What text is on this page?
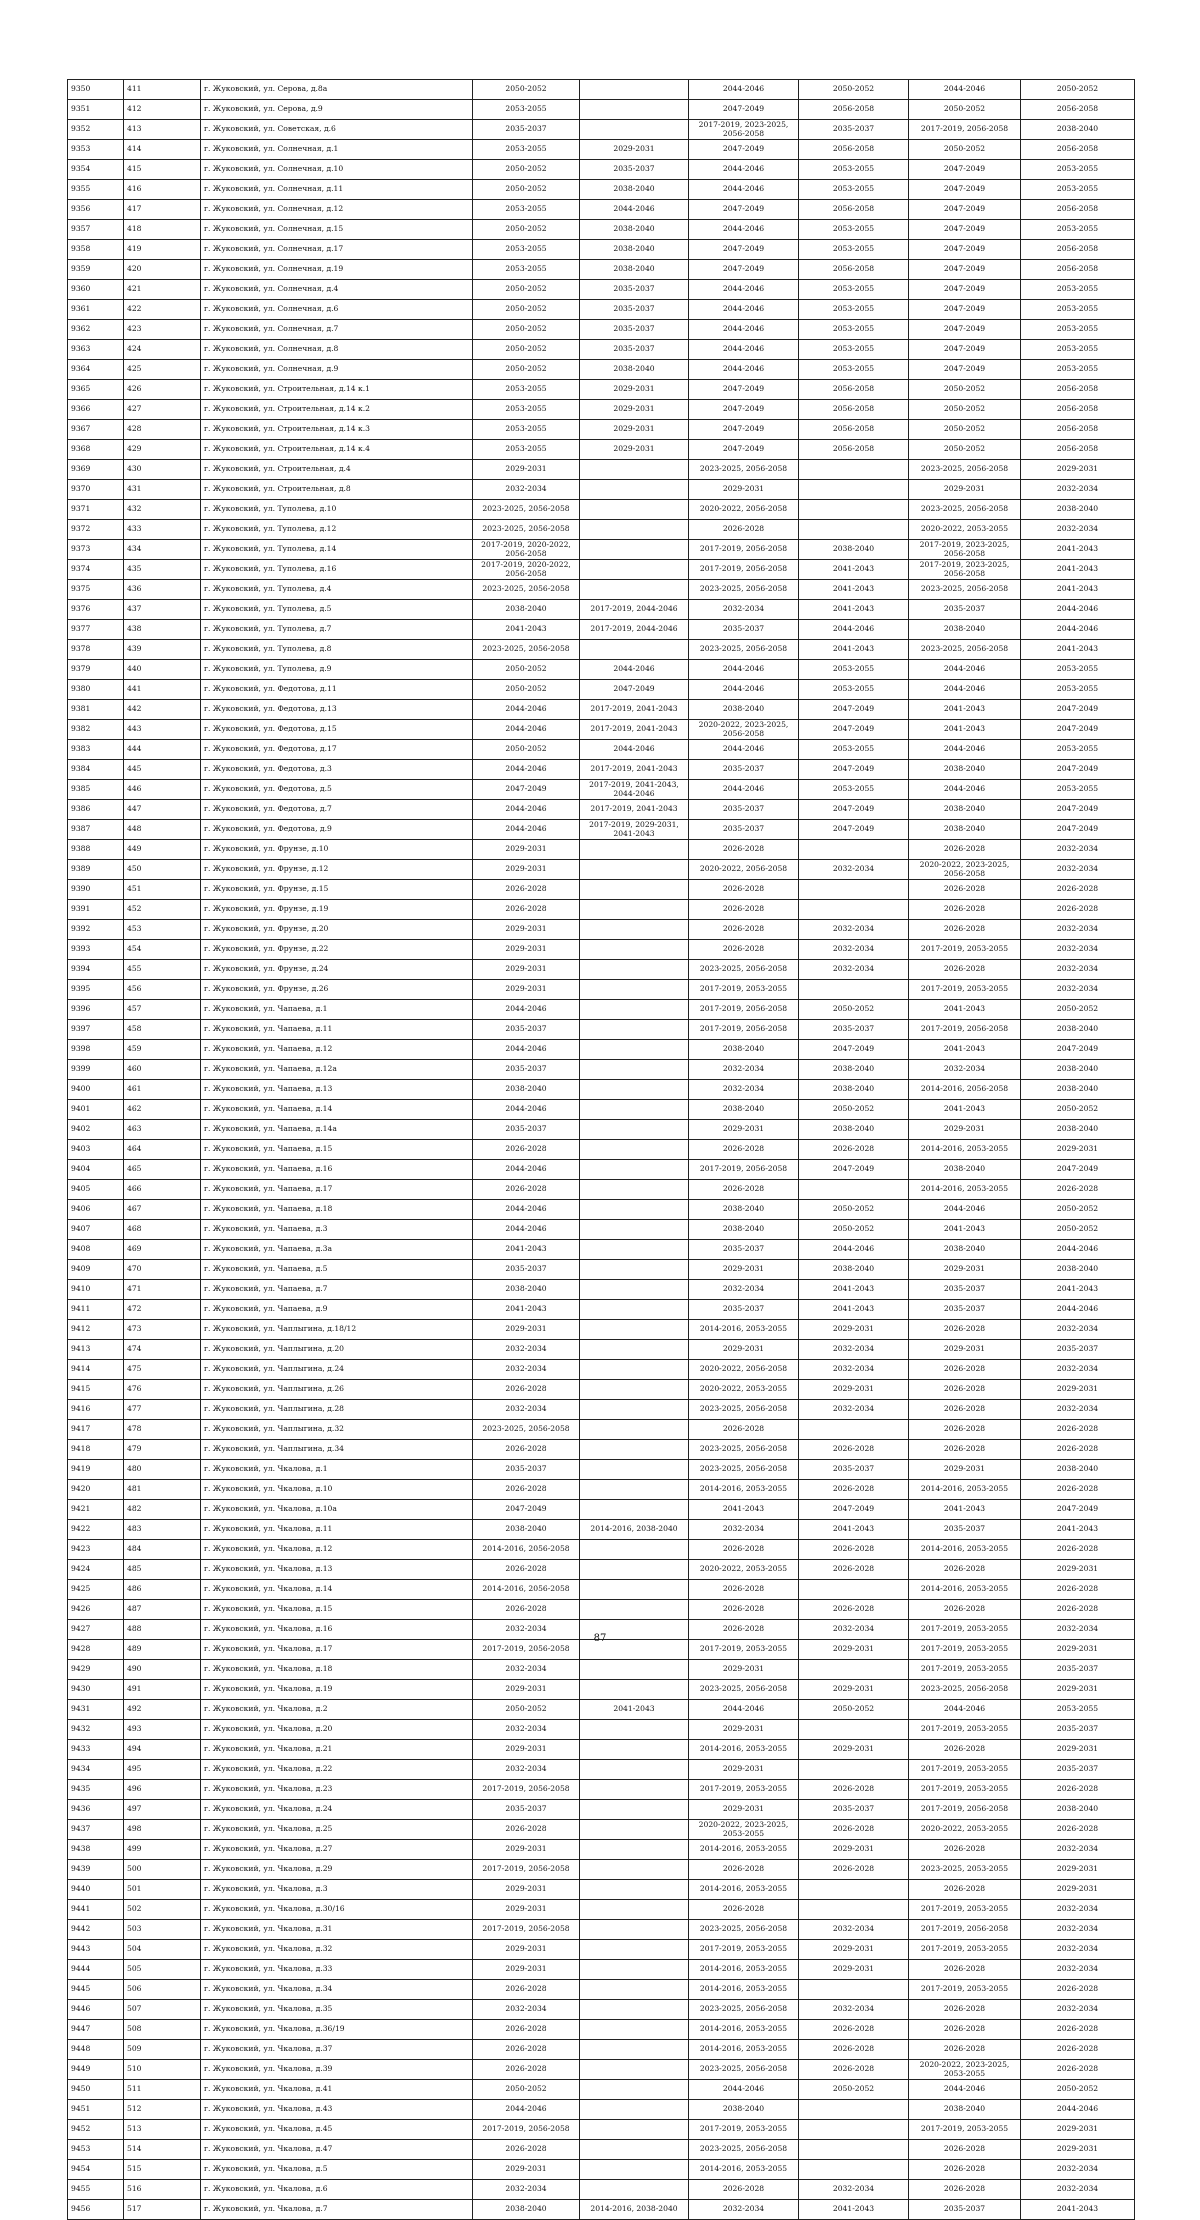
9350	411	г. Жуковский, ул. Серова, д.8а	2050-2052		2044-2046	2050-2052	2044-2046	2050-2052
9351	412	г. Жуковский, ул. Серова, д.9	2053-2055		2047-2049	2056-2058	2050-2052	2056-2058
9352	413	г. Жуковский, ул. Советская, д.6	2035-2037		2017-2019, 2023-2025, 2056-2058	2035-2037	2017-2019, 2056-2058	2038-2040
9353	414	г. Жуковский, ул. Солнечная, д.1	2053-2055	2029-2031	2047-2049	2056-2058	2050-2052	2056-2058
9354	415	г. Жуковский, ул. Солнечная, д.10	2050-2052	2035-2037	2044-2046	2053-2055	2047-2049	2053-2055
9355	416	г. Жуковский, ул. Солнечная, д.11	2050-2052	2038-2040	2044-2046	2053-2055	2047-2049	2053-2055
9356	417	г. Жуковский, ул. Солнечная, д.12	2053-2055	2044-2046	2047-2049	2056-2058	2047-2049	2056-2058
9357	418	г. Жуковский, ул. Солнечная, д.15	2050-2052	2038-2040	2044-2046	2053-2055	2047-2049	2053-2055
9358	419	г. Жуковский, ул. Солнечная, д.17	2053-2055	2038-2040	2047-2049	2053-2055	2047-2049	2056-2058
9359	420	г. Жуковский, ул. Солнечная, д.19	2053-2055	2038-2040	2047-2049	2056-2058	2047-2049	2056-2058
9360	421	г. Жуковский, ул. Солнечная, д.4	2050-2052	2035-2037	2044-2046	2053-2055	2047-2049	2053-2055
9361	422	г. Жуковский, ул. Солнечная, д.6	2050-2052	2035-2037	2044-2046	2053-2055	2047-2049	2053-2055
9362	423	г. Жуковский, ул. Солнечная, д.7	2050-2052	2035-2037	2044-2046	2053-2055	2047-2049	2053-2055
9363	424	г. Жуковский, ул. Солнечная, д.8	2050-2052	2035-2037	2044-2046	2053-2055	2047-2049	2053-2055
9364	425	г. Жуковский, ул. Солнечная, д.9	2050-2052	2038-2040	2044-2046	2053-2055	2047-2049	2053-2055
9365	426	г. Жуковский, ул. Строительная, д.14 к.1	2053-2055	2029-2031	2047-2049	2056-2058	2050-2052	2056-2058
9366	427	г. Жуковский, ул. Строительная, д.14 к.2	2053-2055	2029-2031	2047-2049	2056-2058	2050-2052	2056-2058
9367	428	г. Жуковский, ул. Строительная, д.14 к.3	2053-2055	2029-2031	2047-2049	2056-2058	2050-2052	2056-2058
9368	429	г. Жуковский, ул. Строительная, д.14 к.4	2053-2055	2029-2031	2047-2049	2056-2058	2050-2052	2056-2058
9369	430	г. Жуковский, ул. Строительная, д.4	2029-2031		2023-2025, 2056-2058		2023-2025, 2056-2058	2029-2031
9370	431	г. Жуковский, ул. Строительная, д.8	2032-2034		2029-2031		2029-2031	2032-2034
9371	432	г. Жуковский, ул. Туполева, д.10	2023-2025, 2056-2058		2020-2022, 2056-2058		2023-2025, 2056-2058	2038-2040
9372	433	г. Жуковский, ул. Туполева, д.12	2023-2025, 2056-2058		2026-2028		2020-2022, 2053-2055	2032-2034
9373	434	г. Жуковский, ул. Туполева, д.14	2017-2019, 2020-2022, 2056-2058		2017-2019, 2056-2058	2038-2040	2017-2019, 2023-2025, 2056-2058	2041-2043
9374	435	г. Жуковский, ул. Туполева, д.16	2017-2019, 2020-2022, 2056-2058		2017-2019, 2056-2058	2041-2043	2017-2019, 2023-2025, 2056-2058	2041-2043
9375	436	г. Жуковский, ул. Туполева, д.4	2023-2025, 2056-2058		2023-2025, 2056-2058	2041-2043	2023-2025, 2056-2058	2041-2043
9376	437	г. Жуковский, ул. Туполева, д.5	2038-2040	2017-2019, 2044-2046	2032-2034	2041-2043	2035-2037	2044-2046
9377	438	г. Жуковский, ул. Туполева, д.7	2041-2043	2017-2019, 2044-2046	2035-2037	2044-2046	2038-2040	2044-2046
9378	439	г. Жуковский, ул. Туполева, д.8	2023-2025, 2056-2058		2023-2025, 2056-2058	2041-2043	2023-2025, 2056-2058	2041-2043
9379	440	г. Жуковский, ул. Туполева, д.9	2050-2052	2044-2046	2044-2046	2053-2055	2044-2046	2053-2055
9380	441	г. Жуковский, ул. Федотова, д.11	2050-2052	2047-2049	2044-2046	2053-2055	2044-2046	2053-2055
9381	442	г. Жуковский, ул. Федотова, д.13	2044-2046	2017-2019, 2041-2043	2038-2040	2047-2049	2041-2043	2047-2049
9382	443	г. Жуковский, ул. Федотова, д.15	2044-2046	2017-2019, 2041-2043	2020-2022, 2023-2025, 2056-2058	2047-2049	2041-2043	2047-2049
9383	444	г. Жуковский, ул. Федотова, д.17	2050-2052	2044-2046	2044-2046	2053-2055	2044-2046	2053-2055
9384	445	г. Жуковский, ул. Федотова, д.3	2044-2046	2017-2019, 2041-2043	2035-2037	2047-2049	2038-2040	2047-2049
9385	446	г. Жуковский, ул. Федотова, д.5	2047-2049	2017-2019, 2041-2043, 2044-2046	2044-2046	2053-2055	2044-2046	2053-2055
9386	447	г. Жуковский, ул. Федотова, д.7	2044-2046	2017-2019, 2041-2043	2035-2037	2047-2049	2038-2040	2047-2049
9387	448	г. Жуковский, ул. Федотова, д.9	2044-2046	2017-2019, 2029-2031, 2041-2043	2035-2037	2047-2049	2038-2040	2047-2049
9388	449	г. Жуковский, ул. Фрунзе, д.10	2029-2031		2026-2028		2026-2028	2032-2034
9389	450	г. Жуковский, ул. Фрунзе, д.12	2029-2031		2020-2022, 2056-2058	2032-2034	2020-2022, 2023-2025, 2056-2058	2032-2034
9390	451	г. Жуковский, ул. Фрунзе, д.15	2026-2028		2026-2028		2026-2028	2026-2028
9391	452	г. Жуковский, ул. Фрунзе, д.19	2026-2028		2026-2028		2026-2028	2026-2028
9392	453	г. Жуковский, ул. Фрунзе, д.20	2029-2031		2026-2028	2032-2034	2026-2028	2032-2034
9393	454	г. Жуковский, ул. Фрунзе, д.22	2029-2031		2026-2028	2032-2034	2017-2019, 2053-2055	2032-2034
9394	455	г. Жуковский, ул. Фрунзе, д.24	2029-2031		2023-2025, 2056-2058	2032-2034	2026-2028	2032-2034
9395	456	г. Жуковский, ул. Фрунзе, д.26	2029-2031		2017-2019, 2053-2055		2017-2019, 2053-2055	2032-2034
9396	457	г. Жуковский, ул. Чапаева, д.1	2044-2046		2017-2019, 2056-2058	2050-2052	2041-2043	2050-2052
9397	458	г. Жуковский, ул. Чапаева, д.11	2035-2037		2017-2019, 2056-2058	2035-2037	2017-2019, 2056-2058	2038-2040
9398	459	г. Жуковский, ул. Чапаева, д.12	2044-2046		2038-2040	2047-2049	2041-2043	2047-2049
9399	460	г. Жуковский, ул. Чапаева, д.12а	2035-2037		2032-2034	2038-2040	2032-2034	2038-2040
9400	461	г. Жуковский, ул. Чапаева, д.13	2038-2040		2032-2034	2038-2040	2014-2016, 2056-2058	2038-2040
9401	462	г. Жуковский, ул. Чапаева, д.14	2044-2046		2038-2040	2050-2052	2041-2043	2050-2052
9402	463	г. Жуковский, ул. Чапаева, д.14а	2035-2037		2029-2031	2038-2040	2029-2031	2038-2040
9403	464	г. Жуковский, ул. Чапаева, д.15	2026-2028		2026-2028	2026-2028	2014-2016, 2053-2055	2029-2031
9404	465	г. Жуковский, ул. Чапаева, д.16	2044-2046		2017-2019, 2056-2058	2047-2049	2038-2040	2047-2049
9405	466	г. Жуковский, ул. Чапаева, д.17	2026-2028		2026-2028		2014-2016, 2053-2055	2026-2028
9406	467	г. Жуковский, ул. Чапаева, д.18	2044-2046		2038-2040	2050-2052	2044-2046	2050-2052
9407	468	г. Жуковский, ул. Чапаева, д.3	2044-2046		2038-2040	2050-2052	2041-2043	2050-2052
9408	469	г. Жуковский, ул. Чапаева, д.3а	2041-2043		2035-2037	2044-2046	2038-2040	2044-2046
9409	470	г. Жуковский, ул. Чапаева, д.5	2035-2037		2029-2031	2038-2040	2029-2031	2038-2040
9410	471	г. Жуковский, ул. Чапаева, д.7	2038-2040		2032-2034	2041-2043	2035-2037	2041-2043
9411	472	г. Жуковский, ул. Чапаева, д.9	2041-2043		2035-2037	2041-2043	2035-2037	2044-2046
9412	473	г. Жуковский, ул. Чаплыгина, д.18/12	2029-2031		2014-2016, 2053-2055	2029-2031	2026-2028	2032-2034
9413	474	г. Жуковский, ул. Чаплыгина, д.20	2032-2034		2029-2031	2032-2034	2029-2031	2035-2037
9414	475	г. Жуковский, ул. Чаплыгина, д.24	2032-2034		2020-2022, 2056-2058	2032-2034	2026-2028	2032-2034
9415	476	г. Жуковский, ул. Чаплыгина, д.26	2026-2028		2020-2022, 2053-2055	2029-2031	2026-2028	2029-2031
9416	477	г. Жуковский, ул. Чаплыгина, д.28	2032-2034		2023-2025, 2056-2058	2032-2034	2026-2028	2032-2034
9417	478	г. Жуковский, ул. Чаплыгина, д.32	2023-2025, 2056-2058		2026-2028		2026-2028	2026-2028
9418	479	г. Жуковский, ул. Чаплыгина, д.34	2026-2028		2023-2025, 2056-2058	2026-2028	2026-2028	2026-2028
9419	480	г. Жуковский, ул. Чкалова, д.1	2035-2037		2023-2025, 2056-2058	2035-2037	2029-2031	2038-2040
9420	481	г. Жуковский, ул. Чкалова, д.10	2026-2028		2014-2016, 2053-2055	2026-2028	2014-2016, 2053-2055	2026-2028
9421	482	г. Жуковский, ул. Чкалова, д.10а	2047-2049		2041-2043	2047-2049	2041-2043	2047-2049
9422	483	г. Жуковский, ул. Чкалова, д.11	2038-2040	2014-2016, 2038-2040	2032-2034	2041-2043	2035-2037	2041-2043
9423	484	г. Жуковский, ул. Чкалова, д.12	2014-2016, 2056-2058		2026-2028	2026-2028	2014-2016, 2053-2055	2026-2028
9424	485	г. Жуковский, ул. Чкалова, д.13	2026-2028		2020-2022, 2053-2055	2026-2028	2026-2028	2029-2031
9425	486	г. Жуковский, ул. Чкалова, д.14	2014-2016, 2056-2058		2026-2028		2014-2016, 2053-2055	2026-2028
9426	487	г. Жуковский, ул. Чкалова, д.15	2026-2028		2026-2028	2026-2028	2026-2028	2026-2028
9427	488	г. Жуковский, ул. Чкалова, д.16	2032-2034		2026-2028	2032-2034	2017-2019, 2053-2055	2032-2034
9428	489	г. Жуковский, ул. Чкалова, д.17	2017-2019, 2056-2058		2017-2019, 2053-2055	2029-2031	2017-2019, 2053-2055	2029-2031
9429	490	г. Жуковский, ул. Чкалова, д.18	2032-2034		2029-2031		2017-2019, 2053-2055	2035-2037
9430	491	г. Жуковский, ул. Чкалова, д.19	2029-2031		2023-2025, 2056-2058	2029-2031	2023-2025, 2056-2058	2029-2031
9431	492	г. Жуковский, ул. Чкалова, д.2	2050-2052	2041-2043	2044-2046	2050-2052	2044-2046	2053-2055
9432	493	г. Жуковский, ул. Чкалова, д.20	2032-2034		2029-2031		2017-2019, 2053-2055	2035-2037
9433	494	г. Жуковский, ул. Чкалова, д.21	2029-2031		2014-2016, 2053-2055	2029-2031	2026-2028	2029-2031
9434	495	г. Жуковский, ул. Чкалова, д.22	2032-2034		2029-2031		2017-2019, 2053-2055	2035-2037
9435	496	г. Жуковский, ул. Чкалова, д.23	2017-2019, 2056-2058		2017-2019, 2053-2055	2026-2028	2017-2019, 2053-2055	2026-2028
9436	497	г. Жуковский, ул. Чкалова, д.24	2035-2037		2029-2031	2035-2037	2017-2019, 2056-2058	2038-2040
9437	498	г. Жуковский, ул. Чкалова, д.25	2026-2028		2020-2022, 2023-2025, 2053-2055	2026-2028	2020-2022, 2053-2055	2026-2028
9438	499	г. Жуковский, ул. Чкалова, д.27	2029-2031		2014-2016, 2053-2055	2029-2031	2026-2028	2032-2034
9439	500	г. Жуковский, ул. Чкалова, д.29	2017-2019, 2056-2058		2026-2028	2026-2028	2023-2025, 2053-2055	2029-2031
9440	501	г. Жуковский, ул. Чкалова, д.3	2029-2031		2014-2016, 2053-2055		2026-2028	2029-2031
9441	502	г. Жуковский, ул. Чкалова, д.30/16	2029-2031		2026-2028		2017-2019, 2053-2055	2032-2034
9442	503	г. Жуковский, ул. Чкалова, д.31	2017-2019, 2056-2058		2023-2025, 2056-2058	2032-2034	2017-2019, 2056-2058	2032-2034
9443	504	г. Жуковский, ул. Чкалова, д.32	2029-2031		2017-2019, 2053-2055	2029-2031	2017-2019, 2053-2055	2032-2034
9444	505	г. Жуковский, ул. Чкалова, д.33	2029-2031		2014-2016, 2053-2055	2029-2031	2026-2028	2032-2034
9445	506	г. Жуковский, ул. Чкалова, д.34	2026-2028		2014-2016, 2053-2055		2017-2019, 2053-2055	2026-2028
9446	507	г. Жуковский, ул. Чкалова, д.35	2032-2034		2023-2025, 2056-2058	2032-2034	2026-2028	2032-2034
9447	508	г. Жуковский, ул. Чкалова, д.36/19	2026-2028		2014-2016, 2053-2055	2026-2028	2026-2028	2026-2028
9448	509	г. Жуковский, ул. Чкалова, д.37	2026-2028		2014-2016, 2053-2055	2026-2028	2026-2028	2026-2028
9449	510	г. Жуковский, ул. Чкалова, д.39	2026-2028		2023-2025, 2056-2058	2026-2028	2020-2022, 2023-2025, 2053-2055	2026-2028
9450	511	г. Жуковский, ул. Чкалова, д.41	2050-2052		2044-2046	2050-2052	2044-2046	2050-2052
9451	512	г. Жуковский, ул. Чкалова, д.43	2044-2046		2038-2040		2038-2040	2044-2046
9452	513	г. Жуковский, ул. Чкалова, д.45	2017-2019, 2056-2058		2017-2019, 2053-2055		2017-2019, 2053-2055	2029-2031
9453	514	г. Жуковский, ул. Чкалова, д.47	2026-2028		2023-2025, 2056-2058		2026-2028	2029-2031
9454	515	г. Жуковский, ул. Чкалова, д.5	2029-2031		2014-2016, 2053-2055		2026-2028	2032-2034
9455	516	г. Жуковский, ул. Чкалова, д.6	2032-2034		2026-2028	2032-2034	2026-2028	2032-2034
9456	517	г. Жуковский, ул. Чкалова, д.7	2038-2040	2014-2016, 2038-2040	2032-2034	2041-2043	2035-2037	2041-2043
87
